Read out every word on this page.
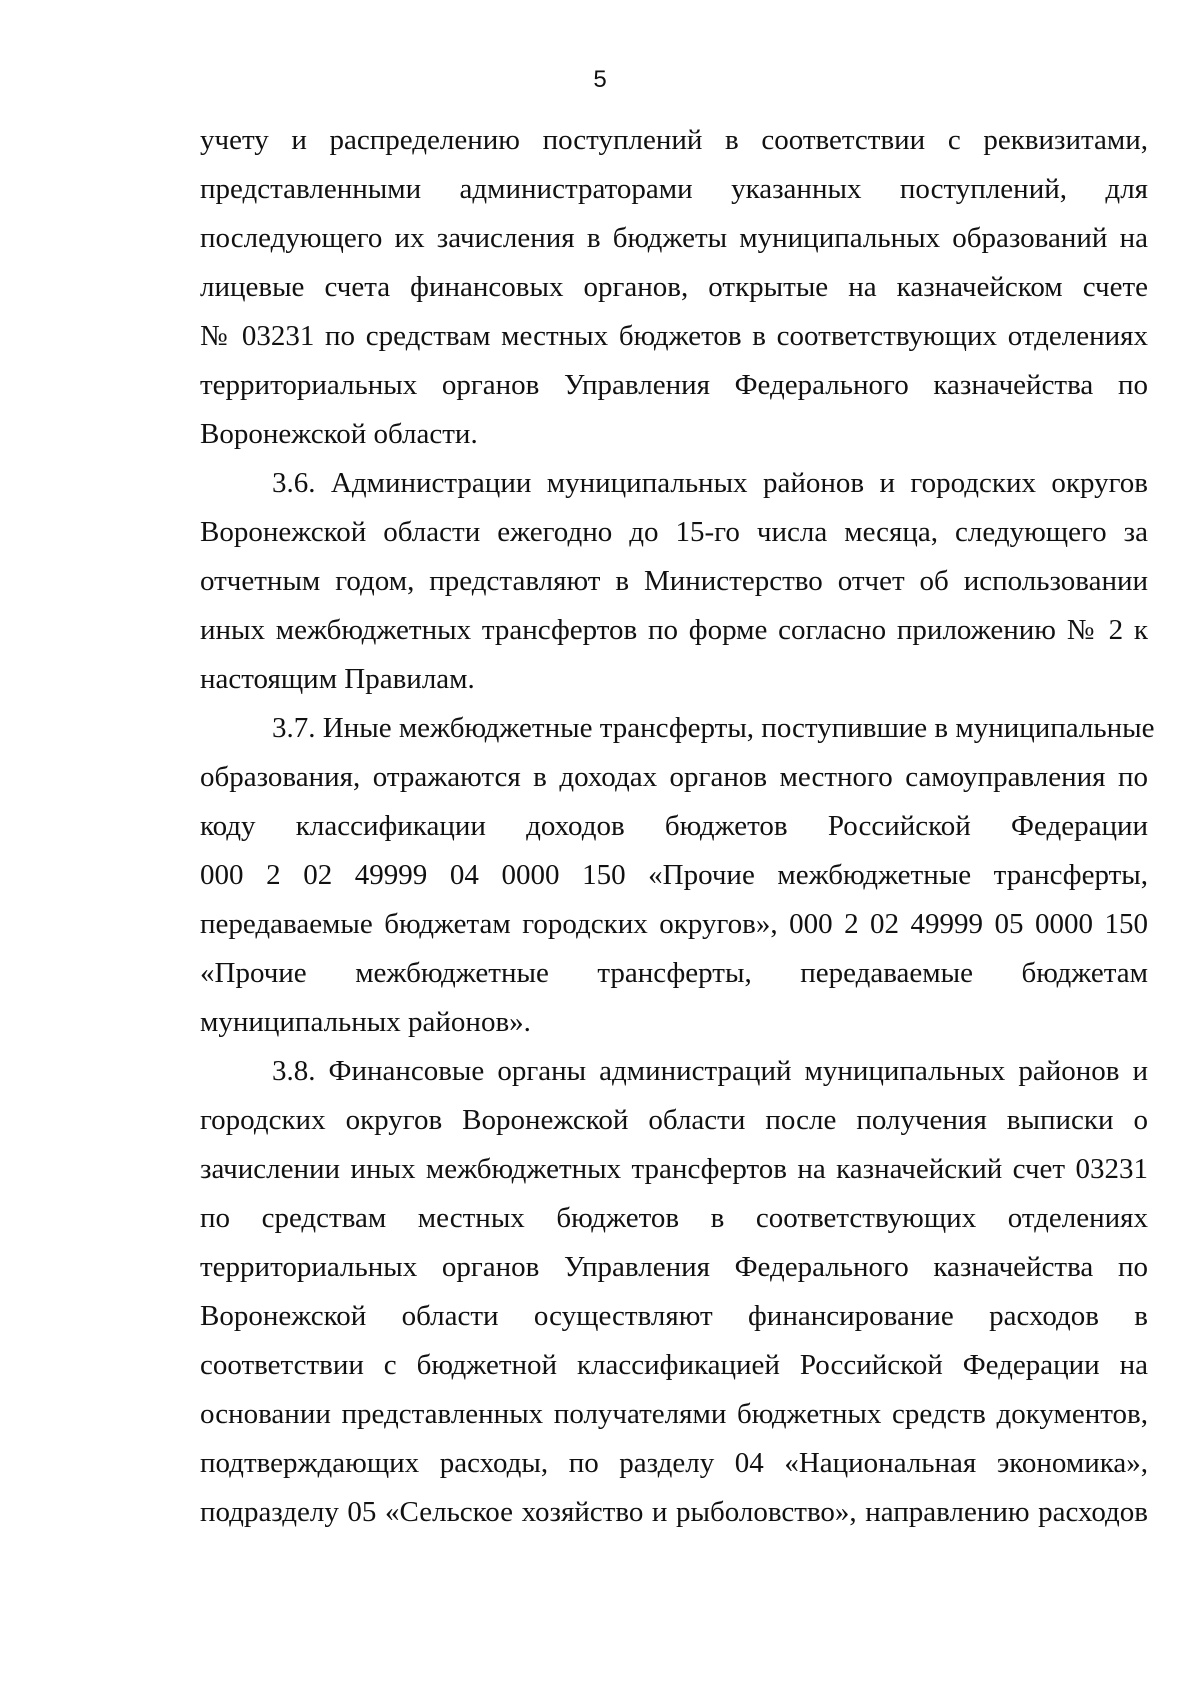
5

учету и распределению поступлений в соответствии с реквизитами,
представленными администраторами указанных поступлений, для
последующего их зачисления в бюджеты муниципальных образований на
лицевые счета финансовых органов, открытые на казначейском счете
№ 03231 по средствам местных бюджетов в соответствующих отделениях
территориальных органов Управления Федерального казначейства по
Воронежской области.

3.6. Администрации муниципальных районов и городских округов
Воронежской области ежегодно до 15-го числа месяца, следующего за
отчетным годом, представляют в Министерство отчет об использовании
иных межбюджетных трансфертов по форме согласно приложению № 2 к
настоящим Правилам.

3.7. Иные межбюджетные трансферты, поступившие в муниципальные
образования, отражаются в доходах органов местного самоуправления по
коду классификации доходов бюджетов Российской Федерации
000 2 02 49999 04 0000 150 «Прочие межбюджетные трансферты,
передаваемые бюджетам городских округов», 000 2 02 49999 05 0000 150
«Прочие межбюджетные трансферты, передаваемые бюджетам
муниципальных районов».

3.8. Финансовые органы администраций муниципальных районов и
городских округов Воронежской области после получения выписки о
зачислении иных межбюджетных трансфертов на казначейский счет 03231
по средствам местных бюджетов в соответствующих отделениях
территориальных органов Управления Федерального казначейства по
Воронежской области осуществляют финансирование расходов в
соответствии с бюджетной классификацией Российской Федерации на
основании представленных получателями бюджетных средств документов,
подтверждающих расходы, по разделу 04 «Национальная экономика»,
подразделу 05 «Сельское хозяйство и рыболовство», направлению расходов
